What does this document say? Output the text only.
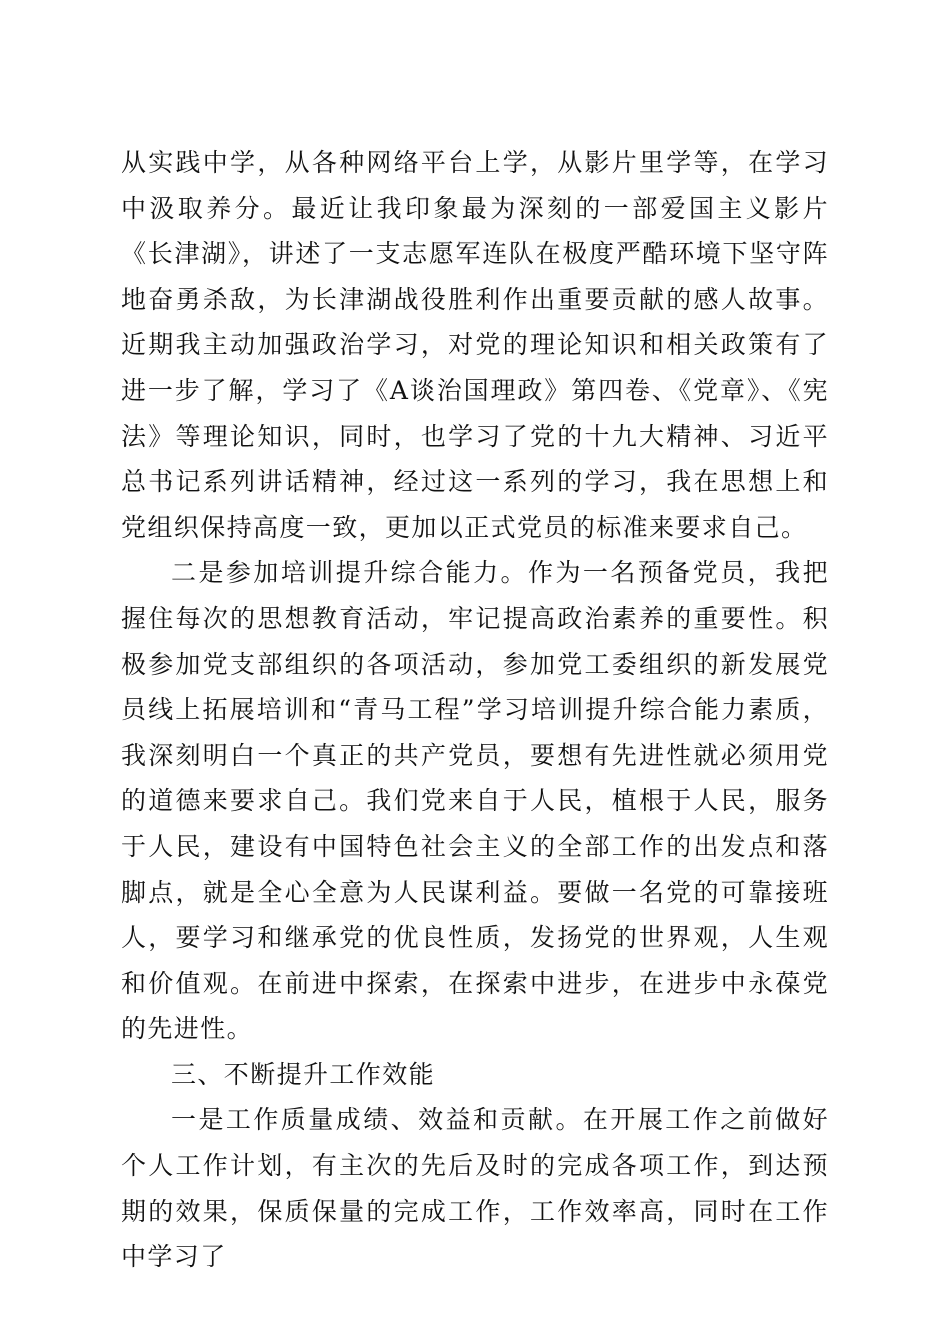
从实践中学，从各种网络平台上学，从影片里学等，在学习中汲取养分。最近让我印象最为深刻的一部爱国主义影片《长津湖》，讲述了一支志愿军连队在极度严酷环境下坚守阵地奋勇杀敌，为长津湖战役胜利作出重要贡献的感人故事。近期我主动加强政治学习，对党的理论知识和相关政策有了进一步了解，学习了《A谈治国理政》第四卷、《党章》、《宪法》等理论知识，同时，也学习了党的十九大精神、习近平总书记系列讲话精神，经过这一系列的学习，我在思想上和党组织保持高度一致，更加以正式党员的标准来要求自己。

二是参加培训提升综合能力。作为一名预备党员，我把握住每次的思想教育活动，牢记提高政治素养的重要性。积极参加党支部组织的各项活动，参加党工委组织的新发展党员线上拓展培训和“青马工程”学习培训提升综合能力素质，我深刻明白一个真正的共产党员，要想有先进性就必须用党的道德来要求自己。我们党来自于人民，植根于人民，服务于人民，建设有中国特色社会主义的全部工作的出发点和落脚点，就是全心全意为人民谋利益。要做一名党的可靠接班人，要学习和继承党的优良性质，发扬党的世界观，人生观和价值观。在前进中探索，在探索中进步，在进步中永葆党的先进性。

三、不断提升工作效能

一是工作质量成绩、效益和贡献。在开展工作之前做好个人工作计划，有主次的先后及时的完成各项工作，到达预期的效果，保质保量的完成工作，工作效率高，同时在工作中学习了
